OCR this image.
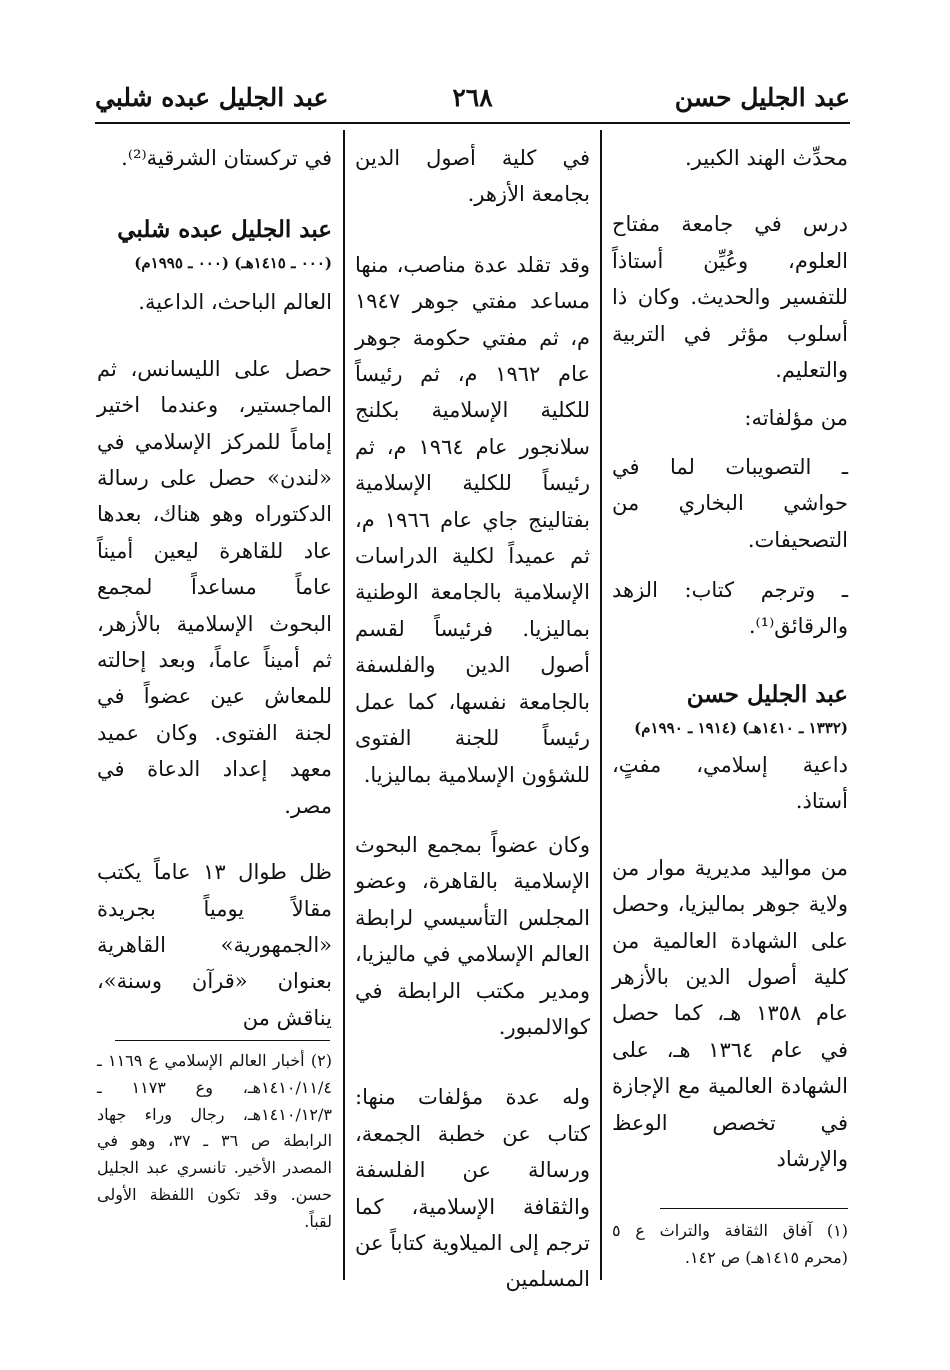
٢٦٨	عبد الجليل حسن
عبد الجليل عبده شلبي

محدِّث الهند الكبير.

درس في جامعة مفتاح العلوم، وعُيِّن أستاذاً للتفسير والحديث. وكان ذا أسلوب مؤثر في التربية والتعليم.

من مؤلفاته:

ـ التصويبات لما في حواشي البخاري من التصحيفات.

ـ وترجم كتاب: الزهد والرقائق⁽¹⁾.

عبد الجليل حسن

(١٣٣٢ ـ ١٤١٠هـ) (١٩١٤ ـ ١٩٩٠م)

داعية إسلامي، مفتٍ، أستاذ.

من مواليد مديرية موار من ولاية جوهر بماليزيا، وحصل على الشهادة العالمية من كلية أصول الدين بالأزهر عام ١٣٥٨ هـ، كما حصل في عام ١٣٦٤ هـ، على الشهادة العالمية مع الإجازة في تخصص الوعظ والإرشاد

(١) آفاق الثقافة والتراث ع ٥ (محرم ١٤١٥هـ) ص ١٤٢.

في كلية أصول الدين بجامعة الأزهر.

وقد تقلد عدة مناصب، منها مساعد مفتي جوهر ١٩٤٧ م، ثم مفتي حكومة جوهر عام ١٩٦٢ م، ثم رئيساً للكلية الإسلامية بكلنج سلانجور عام ١٩٦٤ م، ثم رئيساً للكلية الإسلامية بفتالينج جاي عام ١٩٦٦ م، ثم عميداً لكلية الدراسات الإسلامية بالجامعة الوطنية بماليزيا. فرئيساً لقسم أصول الدين والفلسفة بالجامعة نفسها، كما عمل رئيساً للجنة الفتوى للشؤون الإسلامية بماليزيا.

وكان عضواً بمجمع البحوث الإسلامية بالقاهرة، وعضو المجلس التأسيسي لرابطة العالم الإسلامي في ماليزيا، ومدير مكتب الرابطة في كوالالمبور.

وله عدة مؤلفات منها: كتاب عن خطبة الجمعة، ورسالة عن الفلسفة والثقافة الإسلامية، كما ترجم إلى الميلاوية كتاباً عن المسلمين

في تركستان الشرقية⁽²⁾.

عبد الجليل عبده شلبي

(٠٠٠ ـ ١٤١٥هـ) (٠٠٠ ـ ١٩٩٥م)

العالم الباحث، الداعية.

حصل على الليسانس، ثم الماجستير، وعندما اختير إماماً للمركز الإسلامي في «لندن» حصل على رسالة الدكتوراه وهو هناك، بعدها عاد للقاهرة ليعين أميناً عاماً مساعداً لمجمع البحوث الإسلامية بالأزهر، ثم أميناً عاماً، وبعد إحالته للمعاش عين عضواً في لجنة الفتوى. وكان عميد معهد إعداد الدعاة في مصر.

ظل طوال ١٣ عاماً يكتب مقالاً يومياً بجريدة «الجمهورية» القاهرية بعنوان «قرآن وسنة»، يناقش من

(٢) أخبار العالم الإسلامي ع ١١٦٩ ـ ١٤١٠/١١/٤هـ، وع ١١٧٣ ـ ١٤١٠/١٢/٣هـ، رجال وراء جهاد الرابطة ص ٣٦ ـ ٣٧، وهو في المصدر الأخير. تانسري عبد الجليل حسن. وقد تكون اللفظة الأولى لقباً.
